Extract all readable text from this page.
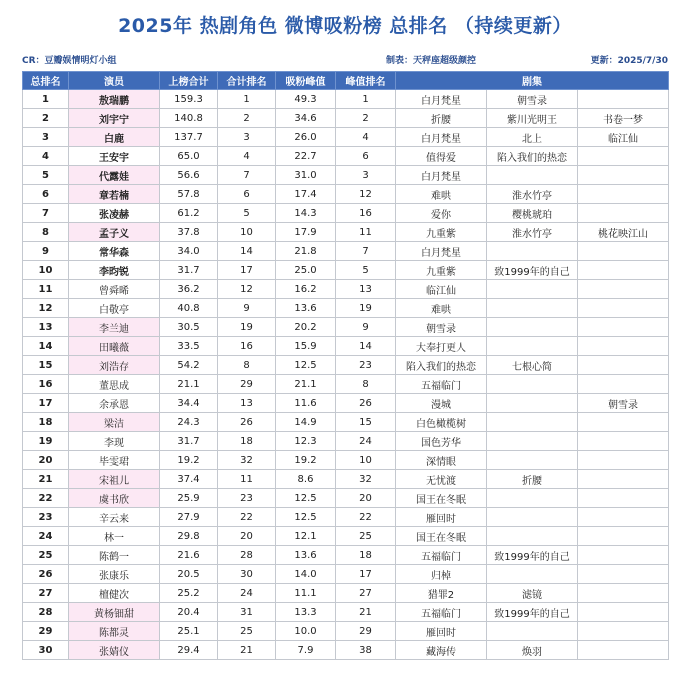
2025年 热剧角色 微博吸粉榜 总排名 （持续更新）
CR：豆瓣娱情明灯小组	制表：天秤座超级颜控	更新：2025/7/30
总排名	演员	上榜合计	合计排名	吸粉峰值	峰值排名	剧集		
1	敖瑞鹏	159.3	1	49.3	1	白月梵星	朝雪录	
2	刘宇宁	140.8	2	34.6	2	折腰	紫川光明王	书卷一梦
3	白鹿	137.7	3	26.0	4	白月梵星	北上	临江仙
4	王安宇	65.0	4	22.7	6	值得爱	陷入我们的热恋	
5	代露娃	56.6	7	31.0	3	白月梵星		
6	章若楠	57.8	6	17.4	12	难哄	淮水竹亭	
7	张凌赫	61.2	5	14.3	16	爱你	樱桃琥珀	
8	孟子义	37.8	10	17.9	11	九重紫	淮水竹亭	桃花映江山
9	常华森	34.0	14	21.8	7	白月梵星		
10	李昀锐	31.7	17	25.0	5	九重紫	致1999年的自己	
11	曾舜晞	36.2	12	16.2	13	临江仙		
12	白敬亭	40.8	9	13.6	19	难哄		
13	李兰迪	30.5	19	20.2	9	朝雪录		
14	田曦薇	33.5	16	15.9	14	大奉打更人		
15	刘浩存	54.2	8	12.5	23	陷入我们的热恋	七根心简	
16	董思成	21.1	29	21.1	8	五福临门		
17	余承恩	34.4	13	11.6	26	漫城		朝雪录
18	梁洁	24.3	26	14.9	15	白色橄榄树		
19	李现	31.7	18	12.3	24	国色芳华		
20	毕雯珺	19.2	32	19.2	10	深情眼		
21	宋祖儿	37.4	11	8.6	32	无忧渡	折腰	
22	虞书欣	25.9	23	12.5	20	国王在冬眠		
23	辛云来	27.9	22	12.5	22	雁回时		
24	林一	29.8	20	12.1	25	国王在冬眠		
25	陈鹤一	21.6	28	13.6	18	五福临门	致1999年的自己	
26	张康乐	20.5	30	14.0	17	归棹		
27	檀健次	25.2	24	11.1	27	猎罪2	滤镜	
28	黄杨钿甜	20.4	31	13.3	21	五福临门	致1999年的自己	
29	陈都灵	25.1	25	10.0	29	雁回时		
30	张婧仪	29.4	21	7.9	38	藏海传	焕羽	
